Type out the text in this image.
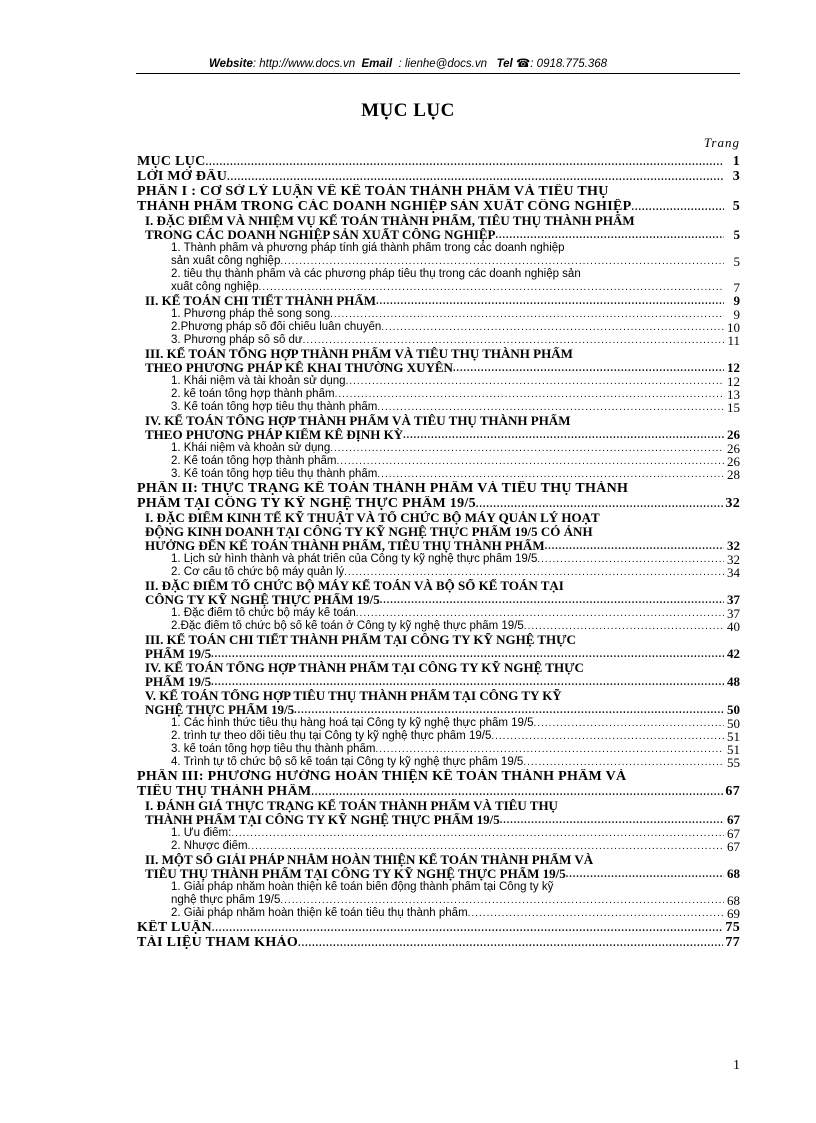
Website: http://www.docs.vn Email : lienhe@docs.vn Tel ☎: 0918.775.368
MỤC LỤC
Trang
MỤC LỤC .....	1
LỜI MỞ ĐẦU .....	3
PHẦN I : CƠ SỞ LÝ LUẬN VỀ KẾ TOÁN THÀNH PHẨM VÀ TIÊU THỤ
THÀNH PHẨM TRONG CÁC DOANH NGHIỆP SẢN XUẤT CÔNG NGHIỆP .....	5
I. ĐẶC ĐIỂM VÀ NHIỆM VỤ KẾ TOÁN THÀNH PHẨM, TIÊU THỤ THÀNH PHẨM
TRONG CÁC DOANH NGHIỆP SẢN XUẤT CÔNG NGHIỆP .....	5
1. Thành phẩm và phương pháp tính giá thành phẩm trong các doanh nghiệp
sản xuất công nghiệp .....	5
2. tiêu thụ thành phẩm và các phương pháp tiêu thụ trong các doanh nghiệp sản
xuất công nghiệp .....	7
II. KẾ TOÁN CHI TIẾT THÀNH PHẨM .....	9
1. Phương pháp thẻ song song .....	9
2.Phương pháp sổ đối chiếu luân chuyển .....	10
3. Phương pháp sổ số dư .....	11
III. KẾ TOÁN TỔNG HỢP THÀNH PHẨM VÀ TIÊU THỤ THÀNH PHẨM
THEO PHƯƠNG PHÁP KÊ KHAI THƯỜNG XUYÊN .....	12
1. Khái niệm và tài khoản sử dụng .....	12
2. kế toán tổng hợp thành phẩm .....	13
3. Kế toán tổng hợp tiêu thụ thành phẩm .....	15
IV. KẾ TOÁN TỔNG HỢP THÀNH PHẨM VÀ TIÊU THỤ THÀNH PHẨM
THEO PHƯƠNG PHÁP KIỂM KÊ ĐỊNH KỲ .....	26
1. Khái niệm và khoản sử dụng .....	26
2. Kế toán tổng hợp thành phẩm .....	26
3. Kế toán tổng hợp tiêu thụ thành phẩm .....	28
PHẦN II: THỰC TRẠNG KẾ TOÁN THÀNH PHẨM VÀ TIÊU THỤ THÀNH
PHẨM TẠI CÔNG TY KỸ NGHỆ THỰC PHẨM 19/5 .....	32
I. ĐẶC ĐIỂM KINH TẾ KỸ THUẬT VÀ TỔ CHỨC BỘ MÁY QUẢN LÝ HOẠT
ĐỘNG KINH DOANH TẠI CÔNG TY KỸ NGHỆ THỰC PHẨM 19/5 CÓ ẢNH
HƯỞNG ĐẾN KẾ TOÁN THÀNH PHẨM, TIÊU THỤ THÀNH PHẨM .....	32
1. Lịch sử hình thành và phát triển của Công ty kỹ nghệ thực phẩm 19/5 .....	32
2. Cơ cấu tổ chức bộ máy quản lý .....	34
II. ĐẶC ĐIỂM TỔ CHỨC BỘ MÁY KẾ TOÁN VÀ BỘ SỐ KẾ TOÁN TẠI
CÔNG TY KỸ NGHỆ THỰC PHẨM 19/5 .....	37
1. Đặc điểm tổ chức bộ máy kế toán .....	37
2.Đặc điểm tổ chức bộ sổ kế toán ở Công ty kỹ nghệ thực phẩm 19/5 .....	40
III. KẾ TOÁN CHI TIẾT THÀNH PHẨM TẠI CÔNG TY KỸ NGHỆ THỰC
PHẨM 19/5 .....	42
IV. KẾ TOÁN TỔNG HỢP THÀNH PHẨM TẠI CÔNG TY KỸ NGHỆ THỰC
PHẨM 19/5 .....	48
V. KẾ TOÁN TỔNG HỢP TIÊU THỤ THÀNH PHẨM TẠI CÔNG TY KỸ
NGHỆ THỰC PHẨM 19/5 .....	50
1. Các hình thức tiêu thụ hàng hoá tại Công ty kỹ nghệ thực phẩm 19/5 .....	50
2. trình tự theo dõi tiêu thụ tại Công ty kỹ nghệ thực phẩm 19/5 .....	51
3. kế toán tổng hợp tiêu thụ thành phẩm .....	51
4. Trình tự tổ chức bộ sổ kế toán tại Công ty kỹ nghệ thực phẩm 19/5 .....	55
PHẦN III: PHƯƠNG HƯỚNG HOÀN THIỆN KẾ TOÁN THÀNH PHẨM VÀ
TIÊU THỤ THÀNH PHẨM .....	67
I. ĐÁNH GIÁ THỰC TRẠNG KẾ TOÁN THÀNH PHẨM VÀ TIÊU THỤ
THÀNH PHẨM TẠI CÔNG TY KỸ NGHỆ THỰC PHẨM 19/5 .....	67
1. Ưu điểm: .....	67
2. Nhược điểm .....	67
II. MỘT SỐ GIẢI PHÁP NHẰM HOÀN THIỆN KẾ TOÁN THÀNH PHẨM VÀ
TIÊU THỤ THÀNH PHẨM TẠI CÔNG TY KỸ NGHỆ THỰC PHẨM 19/5 .....	68
1. Giải pháp nhằm hoàn thiện kế toán biến động thành phẩm tại Công ty kỹ
nghệ thực phẩm 19/5 .....	68
2. Giải pháp nhằm hoàn thiện kế toán tiêu thụ thành phẩm .....	69
KẾT LUẬN .....	75
TÀI LIỆU THAM KHẢO .....	77
1
